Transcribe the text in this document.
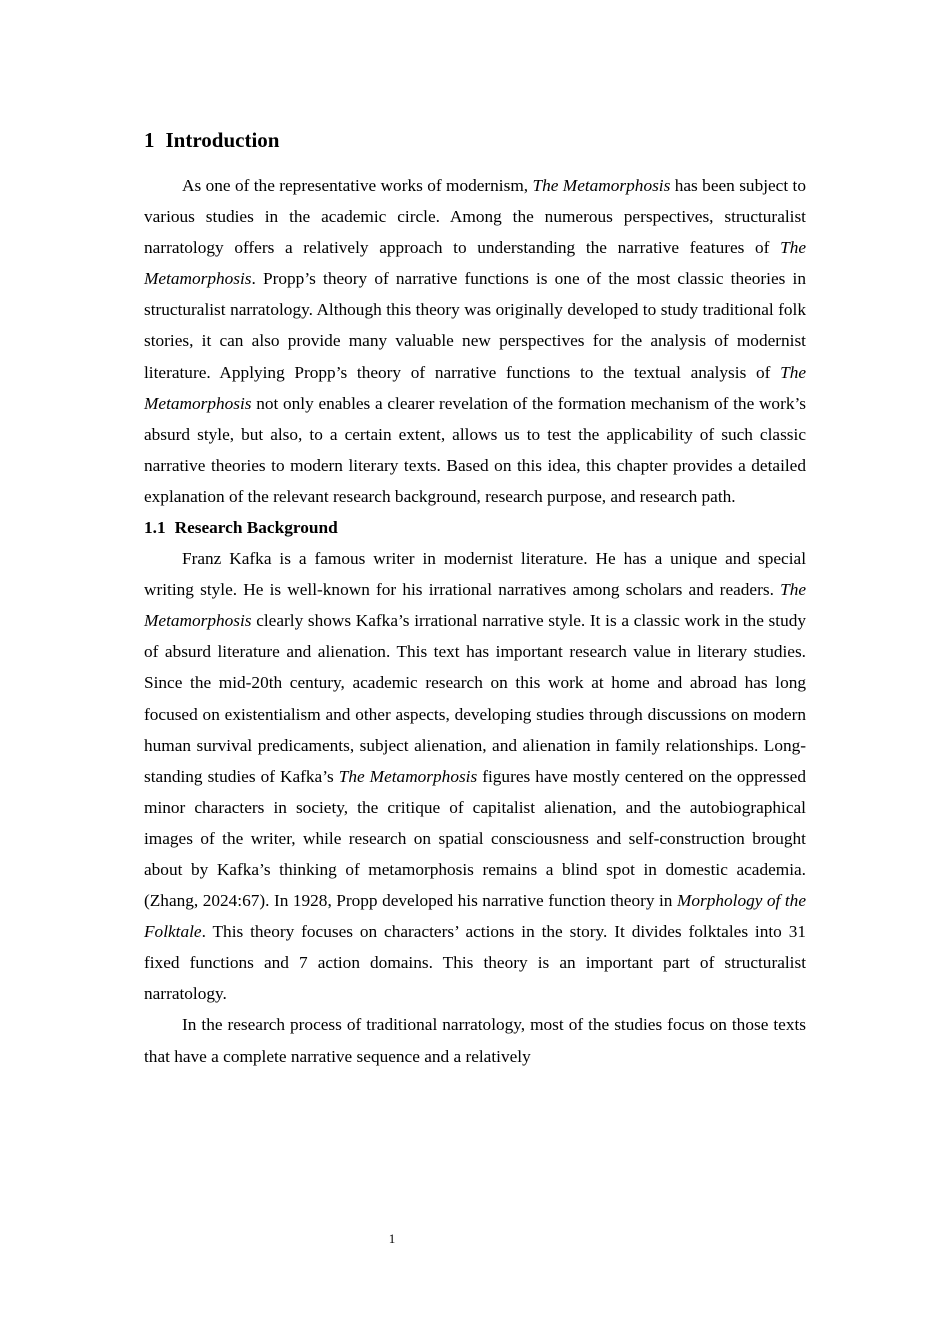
1 Introduction

As one of the representative works of modernism, The Metamorphosis has been subject to various studies in the academic circle. Among the numerous perspectives, structuralist narratology offers a relatively approach to understanding the narrative features of The Metamorphosis. Propp’s theory of narrative functions is one of the most classic theories in structuralist narratology. Although this theory was originally developed to study traditional folk stories, it can also provide many valuable new perspectives for the analysis of modernist literature. Applying Propp’s theory of narrative functions to the textual analysis of The Metamorphosis not only enables a clearer revelation of the formation mechanism of the work’s absurd style, but also, to a certain extent, allows us to test the applicability of such classic narrative theories to modern literary texts. Based on this idea, this chapter provides a detailed explanation of the relevant research background, research purpose, and research path.

1.1 Research Background

Franz Kafka is a famous writer in modernist literature. He has a unique and special writing style. He is well-known for his irrational narratives among scholars and readers. The Metamorphosis clearly shows Kafka’s irrational narrative style. It is a classic work in the study of absurd literature and alienation. This text has important research value in literary studies. Since the mid-20th century, academic research on this work at home and abroad has long focused on existentialism and other aspects, developing studies through discussions on modern human survival predicaments, subject alienation, and alienation in family relationships. Long-standing studies of Kafka’s The Metamorphosis figures have mostly centered on the oppressed minor characters in society, the critique of capitalist alienation, and the autobiographical images of the writer, while research on spatial consciousness and self-construction brought about by Kafka’s thinking of metamorphosis remains a blind spot in domestic academia.(Zhang, 2024:67). In 1928, Propp developed his narrative function theory in Morphology of the Folktale. This theory focuses on characters’ actions in the story. It divides folktales into 31 fixed functions and 7 action domains. This theory is an important part of structuralist narratology.

In the research process of traditional narratology, most of the studies focus on those texts that have a complete narrative sequence and a relatively

1
